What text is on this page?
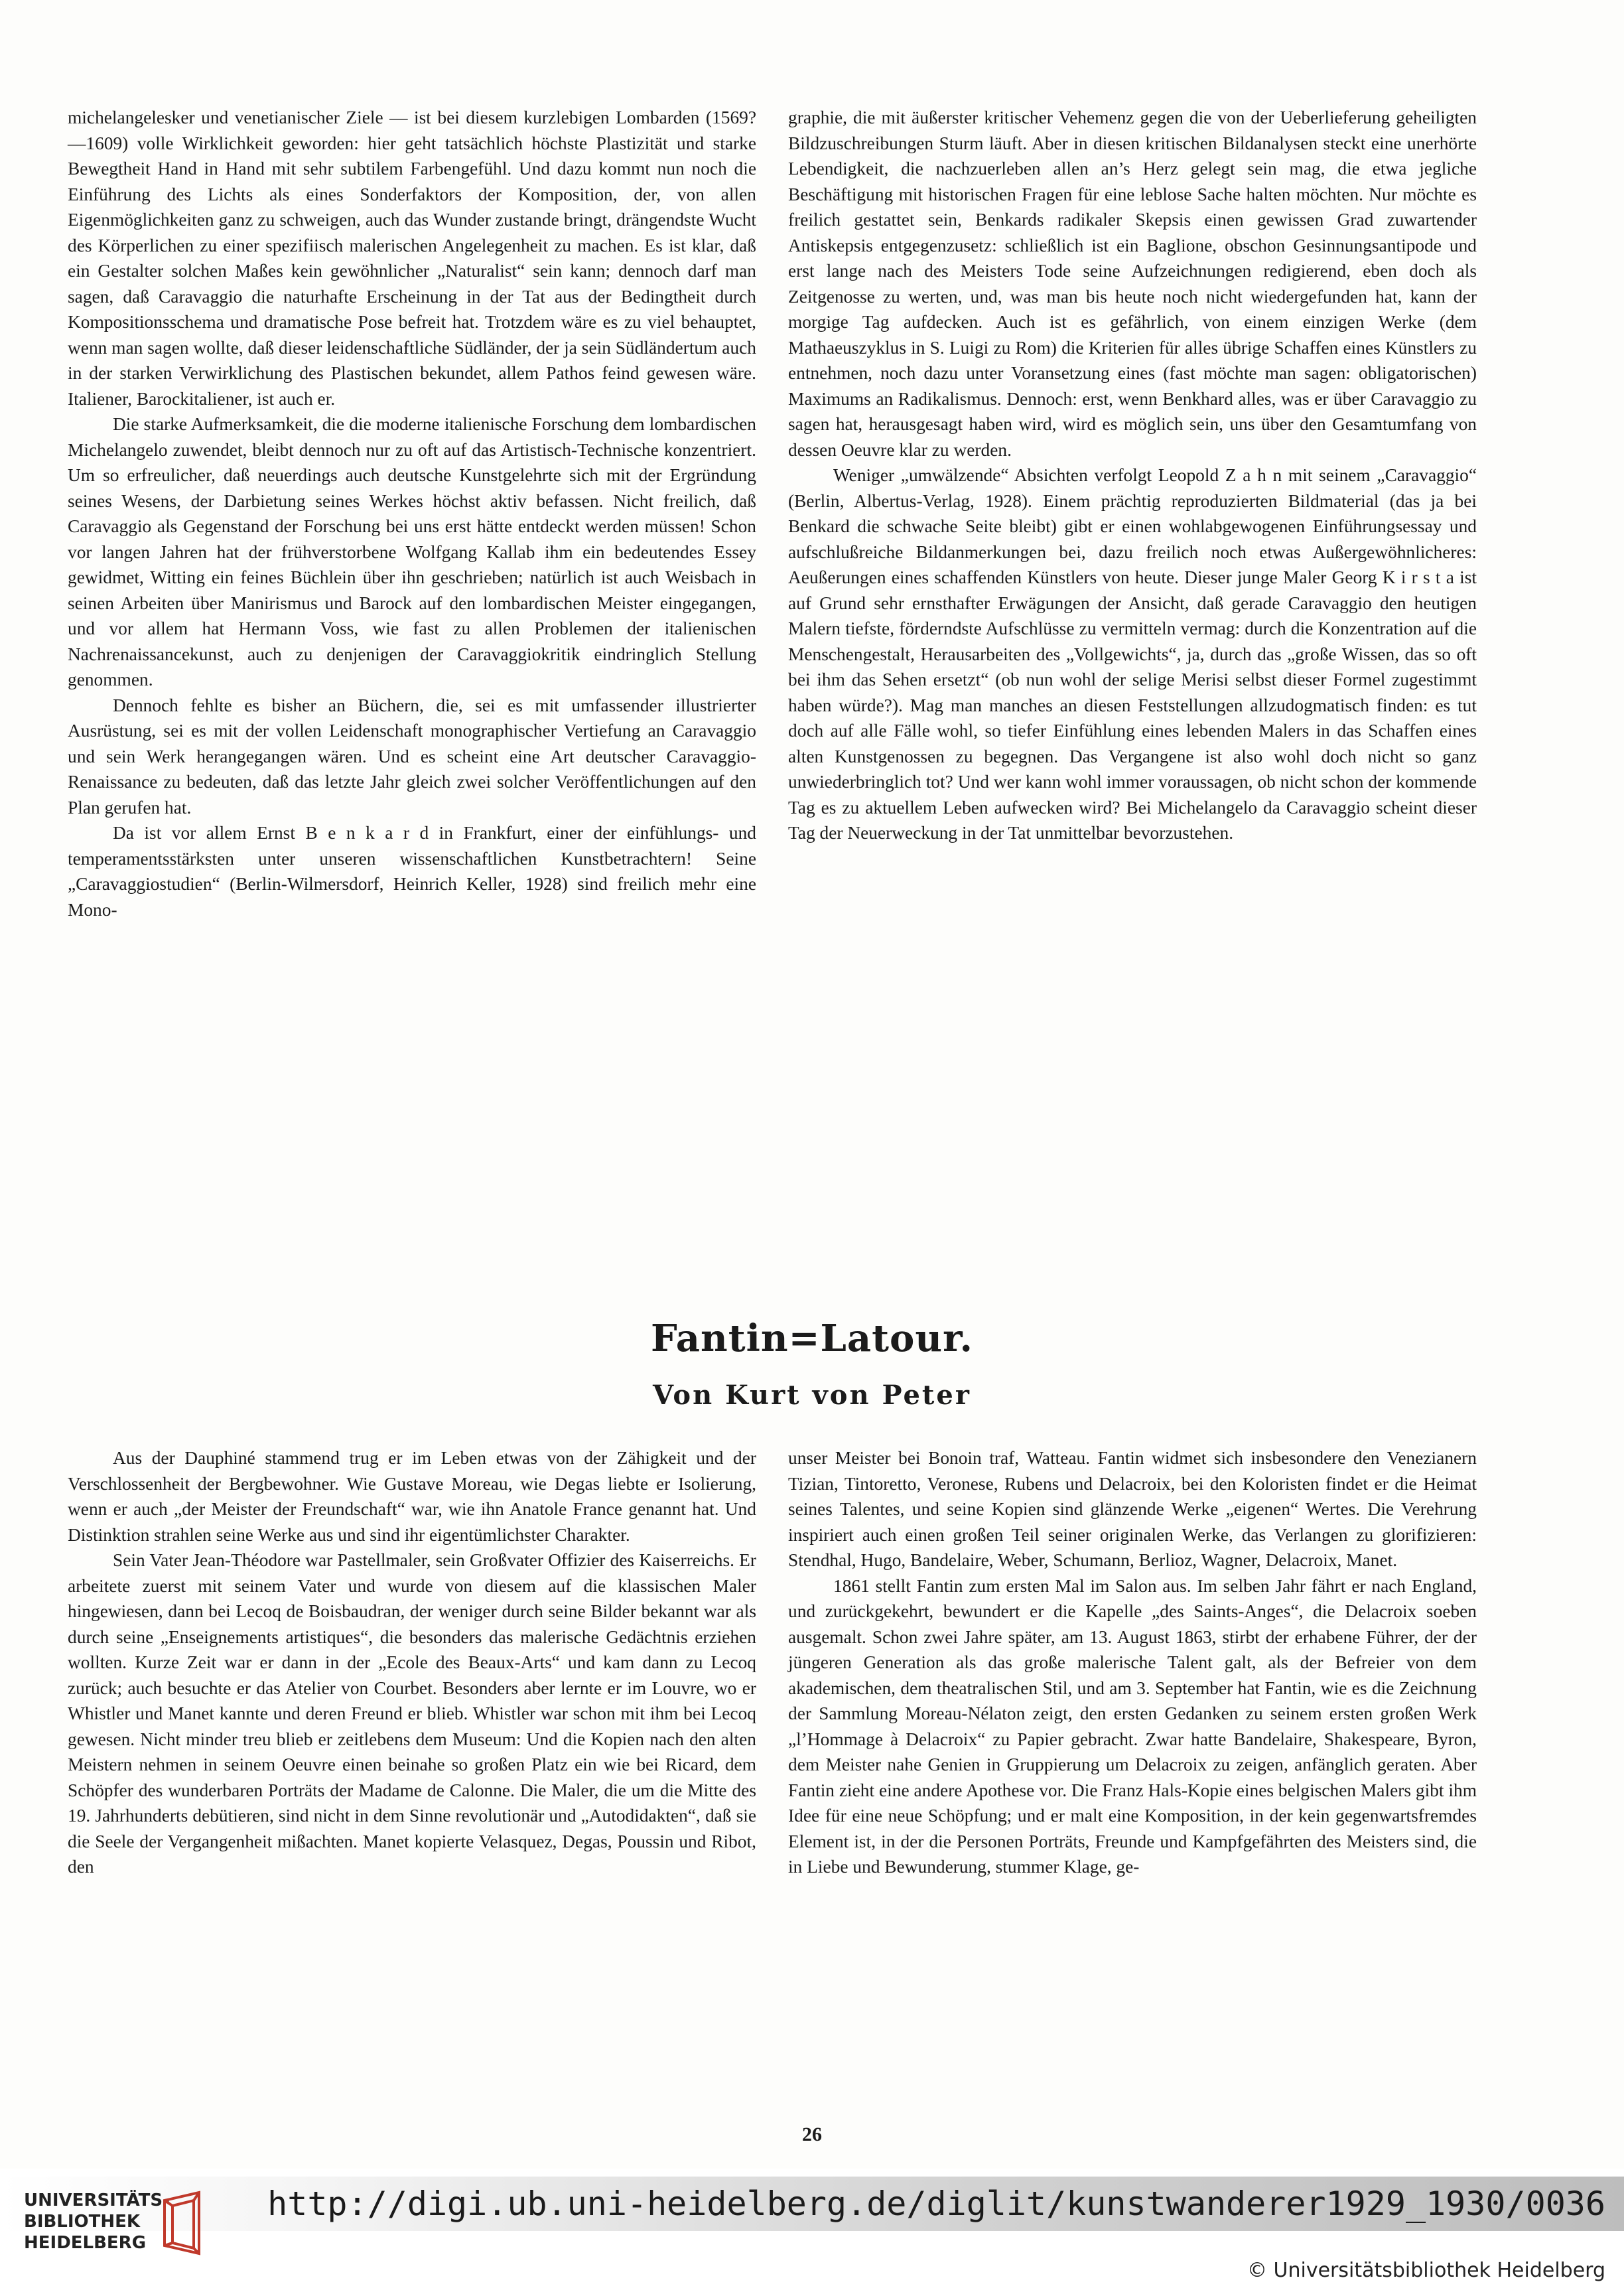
michelangelesker und venetianischer Ziele — ist bei diesem kurzlebigen Lombarden (1569?—1609) volle Wirklichkeit geworden: hier geht tatsächlich höchste Plastizität und starke Bewegtheit Hand in Hand mit sehr subtilem Farbengefühl. Und dazu kommt nun noch die Einführung des Lichts als eines Sonderfaktors der Komposition, der, von allen Eigenmöglichkeiten ganz zu schweigen, auch das Wunder zustande bringt, drängendste Wucht des Körperlichen zu einer spezifiisch malerischen Angelegenheit zu machen. Es ist klar, daß ein Gestalter solchen Maßes kein gewöhnlicher „Naturalist“ sein kann; dennoch darf man sagen, daß Caravaggio die naturhafte Erscheinung in der Tat aus der Bedingtheit durch Kompositionsschema und dramatische Pose befreit hat. Trotzdem wäre es zu viel behauptet, wenn man sagen wollte, daß dieser leidenschaftliche Südländer, der ja sein Südländertum auch in der starken Verwirklichung des Plastischen bekundet, allem Pathos feind gewesen wäre. Italiener, Barockitaliener, ist auch er.

Die starke Aufmerksamkeit, die die moderne italienische Forschung dem lombardischen Michelangelo zuwendet, bleibt dennoch nur zu oft auf das Artistisch-Technische konzentriert. Um so erfreulicher, daß neuerdings auch deutsche Kunstgelehrte sich mit der Ergründung seines Wesens, der Darbietung seines Werkes höchst aktiv befassen. Nicht freilich, daß Caravaggio als Gegenstand der Forschung bei uns erst hätte entdeckt werden müssen! Schon vor langen Jahren hat der frühverstorbene Wolfgang Kallab ihm ein bedeutendes Essey gewidmet, Witting ein feines Büchlein über ihn geschrieben; natürlich ist auch Weisbach in seinen Arbeiten über Manirismus und Barock auf den lombardischen Meister eingegangen, und vor allem hat Hermann Voss, wie fast zu allen Problemen der italienischen Nachrenaissancekunst, auch zu denjenigen der Caravaggiokritik eindringlich Stellung genommen.

Dennoch fehlte es bisher an Büchern, die, sei es mit umfassender illustrierter Ausrüstung, sei es mit der vollen Leidenschaft monographischer Vertiefung an Caravaggio und sein Werk herangegangen wären. Und es scheint eine Art deutscher Caravaggio-Renaissance zu bedeuten, daß das letzte Jahr gleich zwei solcher Veröffentlichungen auf den Plan gerufen hat.

Da ist vor allem Ernst B e n k a r d in Frankfurt, einer der einfühlungs- und temperamentsstärksten unter unseren wissenschaftlichen Kunstbetrachtern! Seine „Caravaggiostudien“ (Berlin-Wilmersdorf, Heinrich Keller, 1928) sind freilich mehr eine Mono-

graphie, die mit äußerster kritischer Vehemenz gegen die von der Ueberlieferung geheiligten Bildzuschreibungen Sturm läuft. Aber in diesen kritischen Bildanalysen steckt eine unerhörte Lebendigkeit, die nachzuerleben allen an’s Herz gelegt sein mag, die etwa jegliche Beschäftigung mit historischen Fragen für eine leblose Sache halten möchten. Nur möchte es freilich gestattet sein, Benkards radikaler Skepsis einen gewissen Grad zuwartender Antiskepsis entgegenzusetz: schließlich ist ein Baglione, obschon Gesinnungsantipode und erst lange nach des Meisters Tode seine Aufzeichnungen redigierend, eben doch als Zeitgenosse zu werten, und, was man bis heute noch nicht wiedergefunden hat, kann der morgige Tag aufdecken. Auch ist es gefährlich, von einem einzigen Werke (dem Mathaeuszyklus in S. Luigi zu Rom) die Kriterien für alles übrige Schaffen eines Künstlers zu entnehmen, noch dazu unter Voransetzung eines (fast möchte man sagen: obligatorischen) Maximums an Radikalismus. Dennoch: erst, wenn Benkhard alles, was er über Caravaggio zu sagen hat, herausgesagt haben wird, wird es möglich sein, uns über den Gesamtumfang von dessen Oeuvre klar zu werden.

Weniger „umwälzende“ Absichten verfolgt Leopold Z a h n mit seinem „Caravaggio“ (Berlin, Albertus-Verlag, 1928). Einem prächtig reproduzierten Bildmaterial (das ja bei Benkard die schwache Seite bleibt) gibt er einen wohlabgewogenen Einführungsessay und aufschlußreiche Bildanmerkungen bei, dazu freilich noch etwas Außergewöhnlicheres: Aeußerungen eines schaffenden Künstlers von heute. Dieser junge Maler Georg K i r s t a ist auf Grund sehr ernsthafter Erwägungen der Ansicht, daß gerade Caravaggio den heutigen Malern tiefste, förderndste Aufschlüsse zu vermitteln vermag: durch die Konzentration auf die Menschengestalt, Herausarbeiten des „Vollgewichts“, ja, durch das „große Wissen, das so oft bei ihm das Sehen ersetzt“ (ob nun wohl der selige Merisi selbst dieser Formel zugestimmt haben würde?). Mag man manches an diesen Feststellungen allzudogmatisch finden: es tut doch auf alle Fälle wohl, so tiefer Einfühlung eines lebenden Malers in das Schaffen eines alten Kunstgenossen zu begegnen. Das Vergangene ist also wohl doch nicht so ganz unwiederbringlich tot? Und wer kann wohl immer voraussagen, ob nicht schon der kommende Tag es zu aktuellem Leben aufwecken wird? Bei Michelangelo da Caravaggio scheint dieser Tag der Neuerweckung in der Tat unmittelbar bevorzustehen.

Fantin=Latour.
Von Kurt von Peter

Aus der Dauphiné stammend trug er im Leben etwas von der Zähigkeit und der Verschlossenheit der Bergbewohner. Wie Gustave Moreau, wie Degas liebte er Isolierung, wenn er auch „der Meister der Freundschaft“ war, wie ihn Anatole France genannt hat. Und Distinktion strahlen seine Werke aus und sind ihr eigentümlichster Charakter.

Sein Vater Jean-Théodore war Pastellmaler, sein Großvater Offizier des Kaiserreichs. Er arbeitete zuerst mit seinem Vater und wurde von diesem auf die klassischen Maler hingewiesen, dann bei Lecoq de Boisbaudran, der weniger durch seine Bilder bekannt war als durch seine „Enseignements artistiques“, die besonders das malerische Gedächtnis erziehen wollten. Kurze Zeit war er dann in der „Ecole des Beaux-Arts“ und kam dann zu Lecoq zurück; auch besuchte er das Atelier von Courbet. Besonders aber lernte er im Louvre, wo er Whistler und Manet kannte und deren Freund er blieb. Whistler war schon mit ihm bei Lecoq gewesen. Nicht minder treu blieb er zeitlebens dem Museum: Und die Kopien nach den alten Meistern nehmen in seinem Oeuvre einen beinahe so großen Platz ein wie bei Ricard, dem Schöpfer des wunderbaren Porträts der Madame de Calonne. Die Maler, die um die Mitte des 19. Jahrhunderts debütieren, sind nicht in dem Sinne revolutionär und „Autodidakten“, daß sie die Seele der Vergangenheit mißachten. Manet kopierte Velasquez, Degas, Poussin und Ribot, den

unser Meister bei Bonoin traf, Watteau. Fantin widmet sich insbesondere den Venezianern Tizian, Tintoretto, Veronese, Rubens und Delacroix, bei den Koloristen findet er die Heimat seines Talentes, und seine Kopien sind glänzende Werke „eigenen“ Wertes. Die Verehrung inspiriert auch einen großen Teil seiner originalen Werke, das Verlangen zu glorifizieren: Stendhal, Hugo, Bandelaire, Weber, Schumann, Berlioz, Wagner, Delacroix, Manet.

1861 stellt Fantin zum ersten Mal im Salon aus. Im selben Jahr fährt er nach England, und zurückgekehrt, bewundert er die Kapelle „des Saints-Anges“, die Delacroix soeben ausgemalt. Schon zwei Jahre später, am 13. August 1863, stirbt der erhabene Führer, der der jüngeren Generation als das große malerische Talent galt, als der Befreier von dem akademischen, dem theatralischen Stil, und am 3. September hat Fantin, wie es die Zeichnung der Sammlung Moreau-Nélaton zeigt, den ersten Gedanken zu seinem ersten großen Werk „l’Hommage à Delacroix“ zu Papier gebracht. Zwar hatte Bandelaire, Shakespeare, Byron, dem Meister nahe Genien in Gruppierung um Delacroix zu zeigen, anfänglich geraten. Aber Fantin zieht eine andere Apothese vor. Die Franz Hals-Kopie eines belgischen Malers gibt ihm Idee für eine neue Schöpfung; und er malt eine Komposition, in der kein gegenwartsfremdes Element ist, in der die Personen Porträts, Freunde und Kampfgefährten des Meisters sind, die in Liebe und Bewunderung, stummer Klage, ge-

26
UNIVERSITÄTS-
BIBLIOTHEK
HEIDELBERG
http://digi.ub.uni-heidelberg.de/diglit/kunstwanderer1929_1930/0036
© Universitätsbibliothek Heidelberg
